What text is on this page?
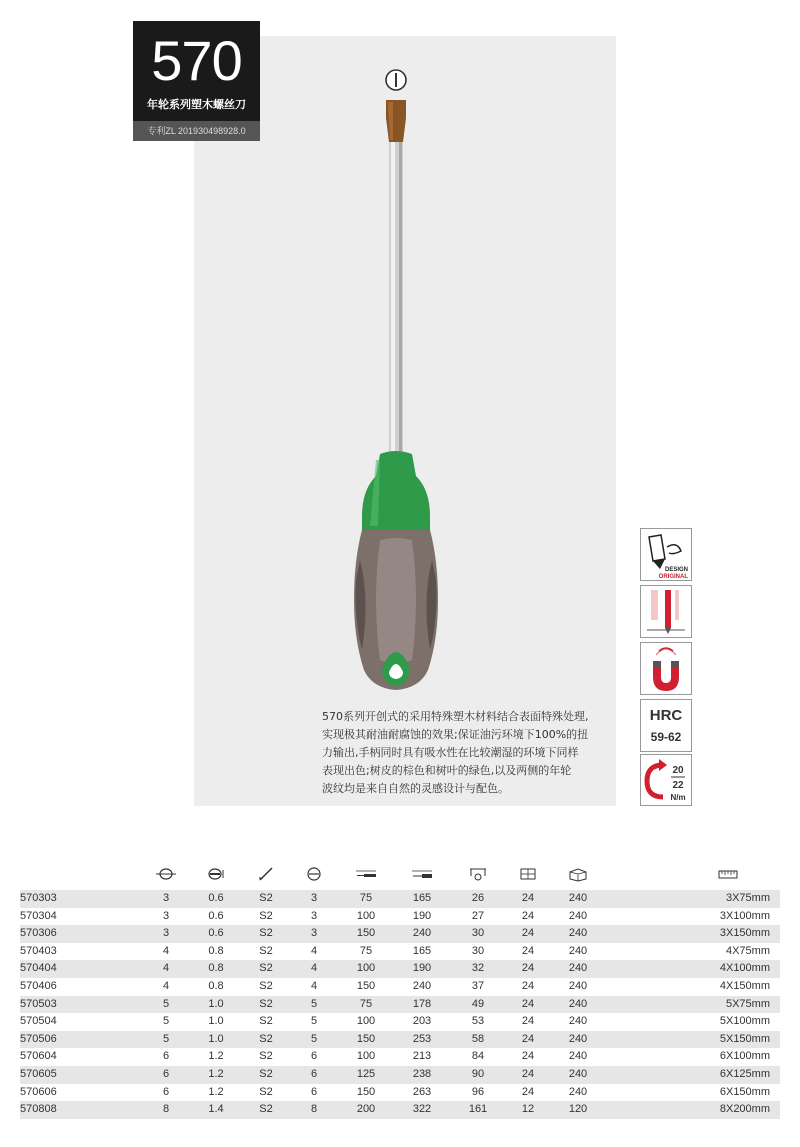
570
年轮系列塑木螺丝刀
专利ZL 201930498928.0
570系列开创式的采用特殊塑木材料结合表面特殊处理,
实现极其耐油耐腐蚀的效果;保证油污环境下100%的扭
力输出,手柄同时具有吸水性在比较潮湿的环境下同样
表现出色;树皮的棕色和树叶的绿色,以及两侧的年轮
波纹均是来自自然的灵感设计与配色。
DESIGN
ORIGINAL
HRC
59-62
20
22
N/m
570303	3	0.6	S2	3	75	165	26	24	240	3X75mm
570304	3	0.6	S2	3	100	190	27	24	240	3X100mm
570306	3	0.6	S2	3	150	240	30	24	240	3X150mm
570403	4	0.8	S2	4	75	165	30	24	240	4X75mm
570404	4	0.8	S2	4	100	190	32	24	240	4X100mm
570406	4	0.8	S2	4	150	240	37	24	240	4X150mm
570503	5	1.0	S2	5	75	178	49	24	240	5X75mm
570504	5	1.0	S2	5	100	203	53	24	240	5X100mm
570506	5	1.0	S2	5	150	253	58	24	240	5X150mm
570604	6	1.2	S2	6	100	213	84	24	240	6X100mm
570605	6	1.2	S2	6	125	238	90	24	240	6X125mm
570606	6	1.2	S2	6	150	263	96	24	240	6X150mm
570808	8	1.4	S2	8	200	322	161	12	120	8X200mm
